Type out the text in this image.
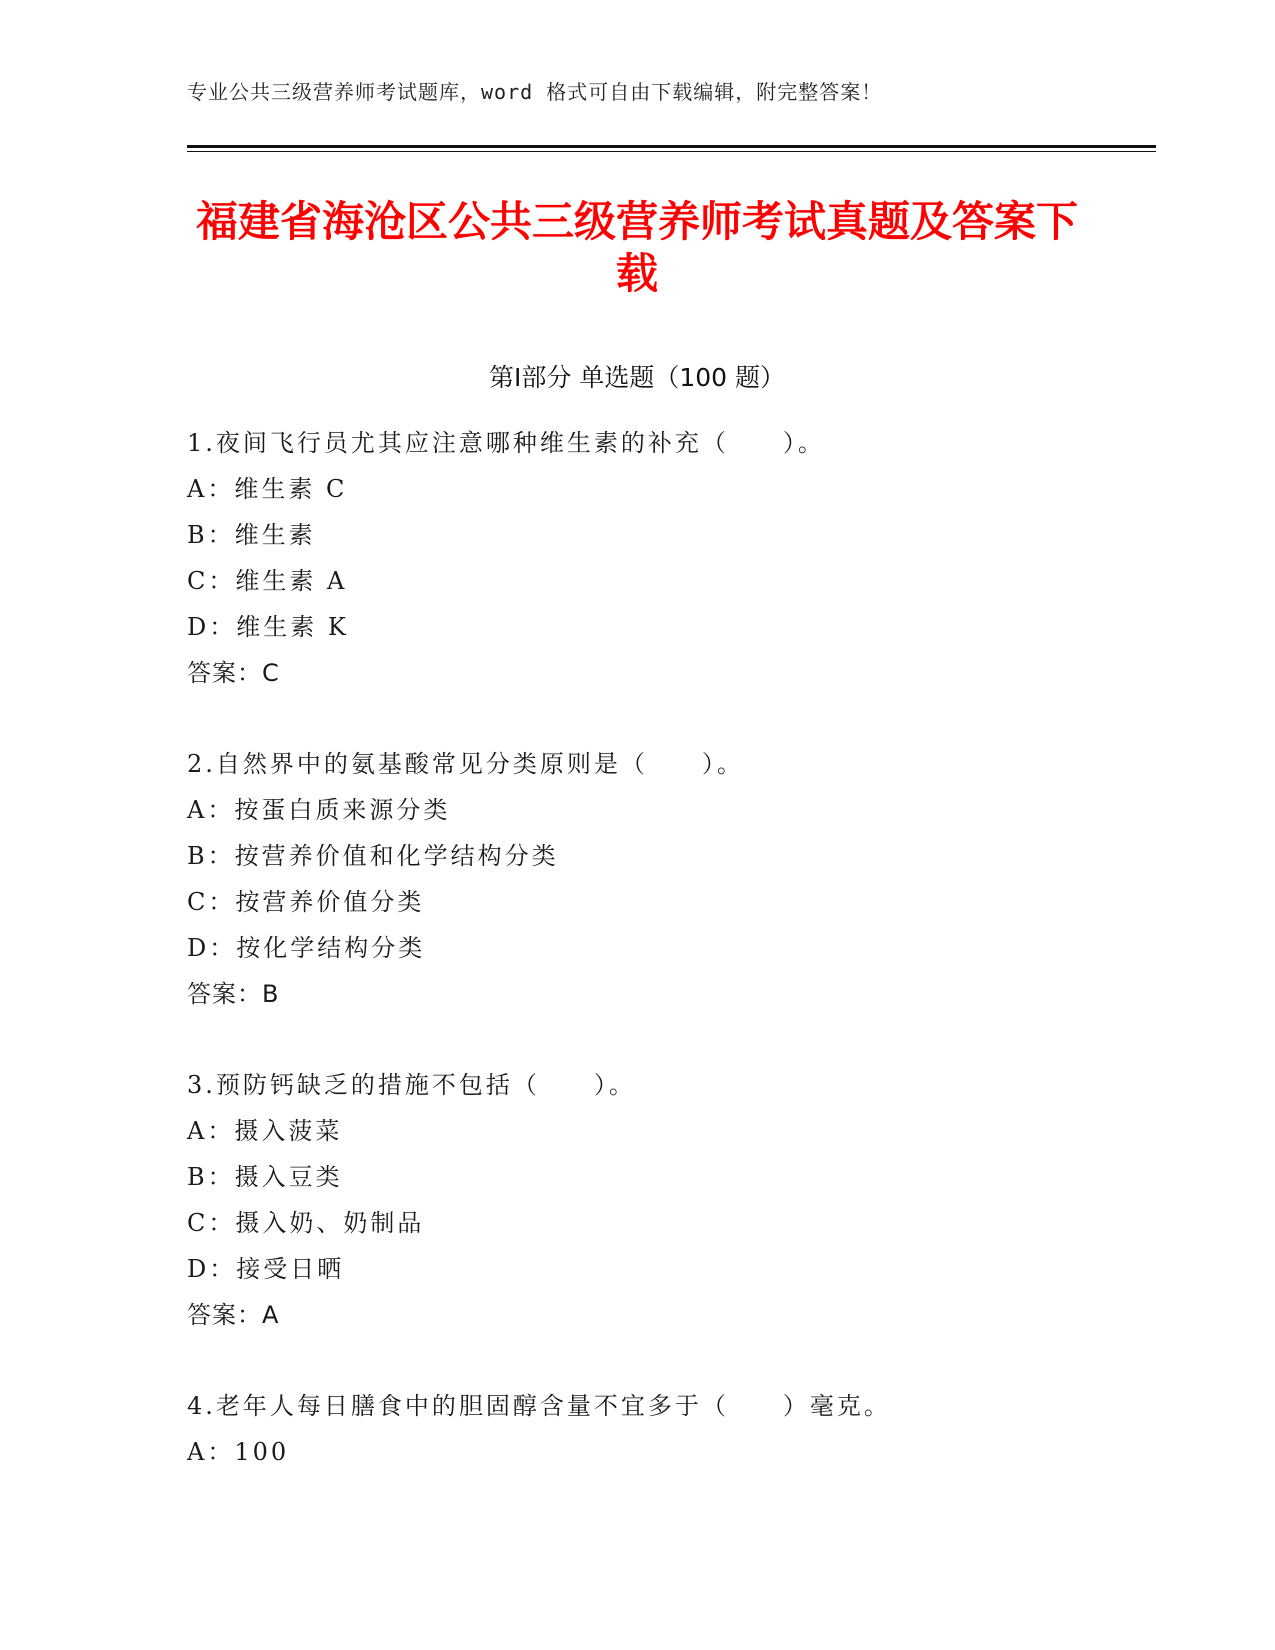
专业公共三级营养师考试题库，word 格式可自由下载编辑，附完整答案！
福建省海沧区公共三级营养师考试真题及答案下载
第Ⅰ部分 单选题（100 题）
1.夜间飞行员尤其应注意哪种维生素的补充（　　）。
A：维生素 C
B：维生素
C：维生素 A
D：维生素 K
答案：C
2.自然界中的氨基酸常见分类原则是（　　）。
A：按蛋白质来源分类
B：按营养价值和化学结构分类
C：按营养价值分类
D：按化学结构分类
答案：B
3.预防钙缺乏的措施不包括（　　）。
A：摄入菠菜
B：摄入豆类
C：摄入奶、奶制品
D：接受日晒
答案：A
4.老年人每日膳食中的胆固醇含量不宜多于（　　）毫克。
A：100
